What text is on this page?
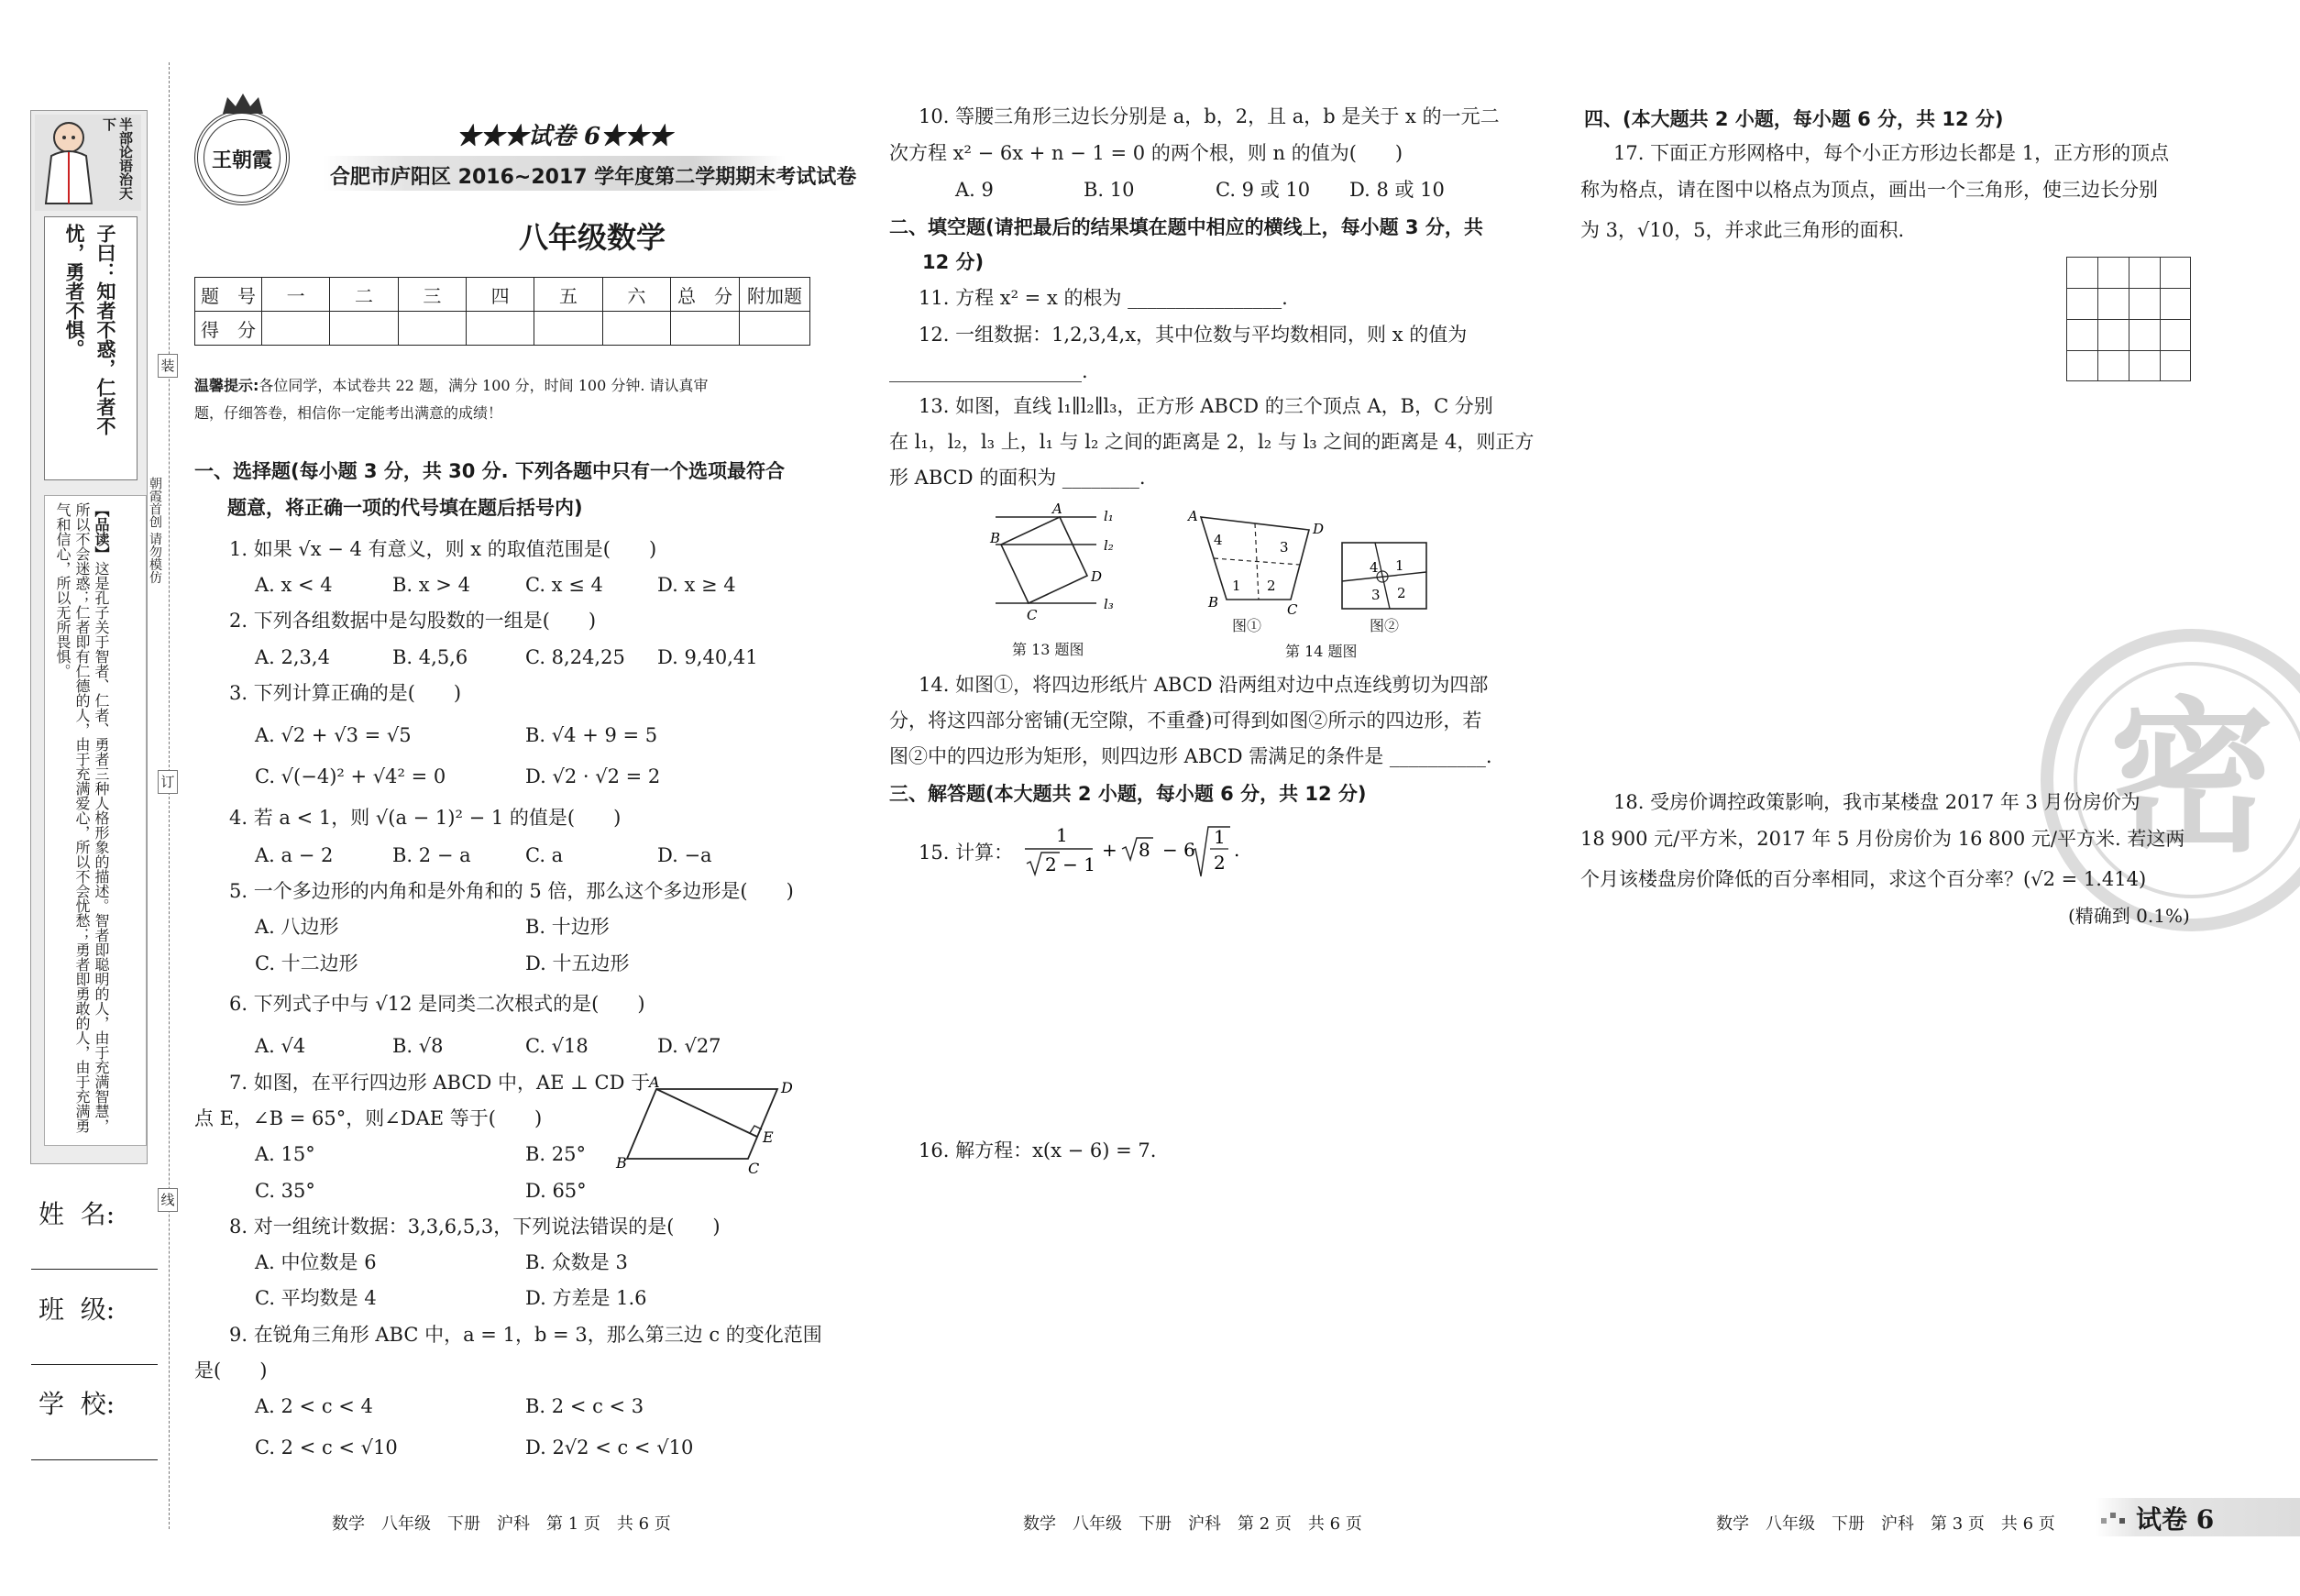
半部论语治天下
子曰：知者不惑，仁者不忧，勇者不惧。
【品读】这是孔子关于智者、仁者、勇者三种人格形象的描述。智者即聪明的人，由于充满智慧，所以不会迷惑；仁者即有仁德的人，由于充满爱心，所以不会忧愁；勇者即勇敢的人，由于充满勇气和信心，所以无所畏惧。	朝霞首创 请勿模仿
装
订
线
姓  名:
班  级:
学  校:
王朝霞
★★★试卷 6★★★
合肥市庐阳区 2016~2017 学年度第二学期期末考试试卷
八年级数学
题　号	一	二	三	四	五	六	总　分	附加题
得　分								
温馨提示:各位同学，本试卷共 22 题，满分 100 分，时间 100 分钟. 请认真审
题，仔细答卷，相信你一定能考出满意的成绩！
一、选择题(每小题 3 分，共 30 分. 下列各题中只有一个选项最符合
题意，将正确一项的代号填在题后括号内)
1. 如果 √x − 4 有意义，则 x 的取值范围是(　　)
A. x < 4	B. x > 4	C. x ≤ 4	D. x ≥ 4
2. 下列各组数据中是勾股数的一组是(　　)
A. 2,3,4	B. 4,5,6	C. 8,24,25 D. 9,40,41
3. 下列计算正确的是(　　)
A. √2 + √3 = √5	B. √4 + 9 = 5
C. √(−4)² + √4² = 0	D. √2 · √2 = 2
4. 若 a < 1，则 √(a − 1)² − 1 的值是(　　)
A. a − 2	B. 2 − a	C. a	D. −a
5. 一个多边形的内角和是外角和的 5 倍，那么这个多边形是(　　)
A. 八边形	B. 十边形
C. 十二边形	D. 十五边形
6. 下列式子中与 √12 是同类二次根式的是(　　)
A. √4	B. √8	C. √18	D. √27
7. 如图，在平行四边形 ABCD 中，AE ⊥ CD 于
点 E，∠B = 65°，则∠DAE 等于(　　)
A. 15°	B. 25°
C. 35°	D. 65°
A	D
B	C
E
8. 对一组统计数据：3,3,6,5,3，下列说法错误的是(　　)
A. 中位数是 6	B. 众数是 3
C. 平均数是 4	D. 方差是 1.6
9. 在锐角三角形 ABC 中，a = 1，b = 3，那么第三边 c 的变化范围
是(　　)
A. 2 < c < 4	B. 2 < c < 3
C. 2 < c < √10	D. 2√2 < c < √10
10. 等腰三角形三边长分别是 a，b，2，且 a，b 是关于 x 的一元二
次方程 x² − 6x + n − 1 = 0 的两个根，则 n 的值为(　　)
A. 9	B. 10	C. 9 或 10 D. 8 或 10
二、填空题(请把最后的结果填在题中相应的横线上，每小题 3 分，共
12 分)
11. 方程 x² = x 的根为 ________________.
12. 一组数据：1,2,3,4,x，其中位数与平均数相同，则 x 的值为
____________________.
13. 如图，直线 l₁∥l₂∥l₃，正方形 ABCD 的三个顶点 A，B，C 分别
在 l₁，l₂，l₃ 上，l₁ 与 l₂ 之间的距离是 2，l₂ 与 l₃ 之间的距离是 4，则正方
形 ABCD 的面积为 ________.
A
B
C
D
l₁
l₂
l₃
第 13 题图
4	3
1 2
A
D
B	C
4 1
3 2
图①	图②
第 14 题图
14. 如图①，将四边形纸片 ABCD 沿两组对边中点连线剪切为四部
分，将这四部分密铺(无空隙，不重叠)可得到如图②所示的四边形，若
图②中的四边形为矩形，则四边形 ABCD 需满足的条件是 __________.
三、解答题(本大题共 2 小题，每小题 6 分，共 12 分)
15. 计算：
1
2 − 1
+ 8 − 6
1
2
.
16. 解方程：x(x − 6) = 7.
四、(本大题共 2 小题，每小题 6 分，共 12 分)
17. 下面正方形网格中，每个小正方形边长都是 1，正方形的顶点
称为格点，请在图中以格点为顶点，画出一个三角形，使三边长分别
为 3，√10，5，并求此三角形的面积.
密
18. 受房价调控政策影响，我市某楼盘 2017 年 3 月份房价为
18 900 元/平方米，2017 年 5 月份房价为 16 800 元/平方米. 若这两
个月该楼盘房价降低的百分率相同，求这个百分率？(√2 = 1.414)
(精确到 0.1%)
数学　八年级　下册　沪科　第 1 页　共 6 页	数学　八年级　下册　沪科　第 2 页　共 6 页	数学　八年级　下册　沪科　第 3 页　共 6 页	试卷 6
